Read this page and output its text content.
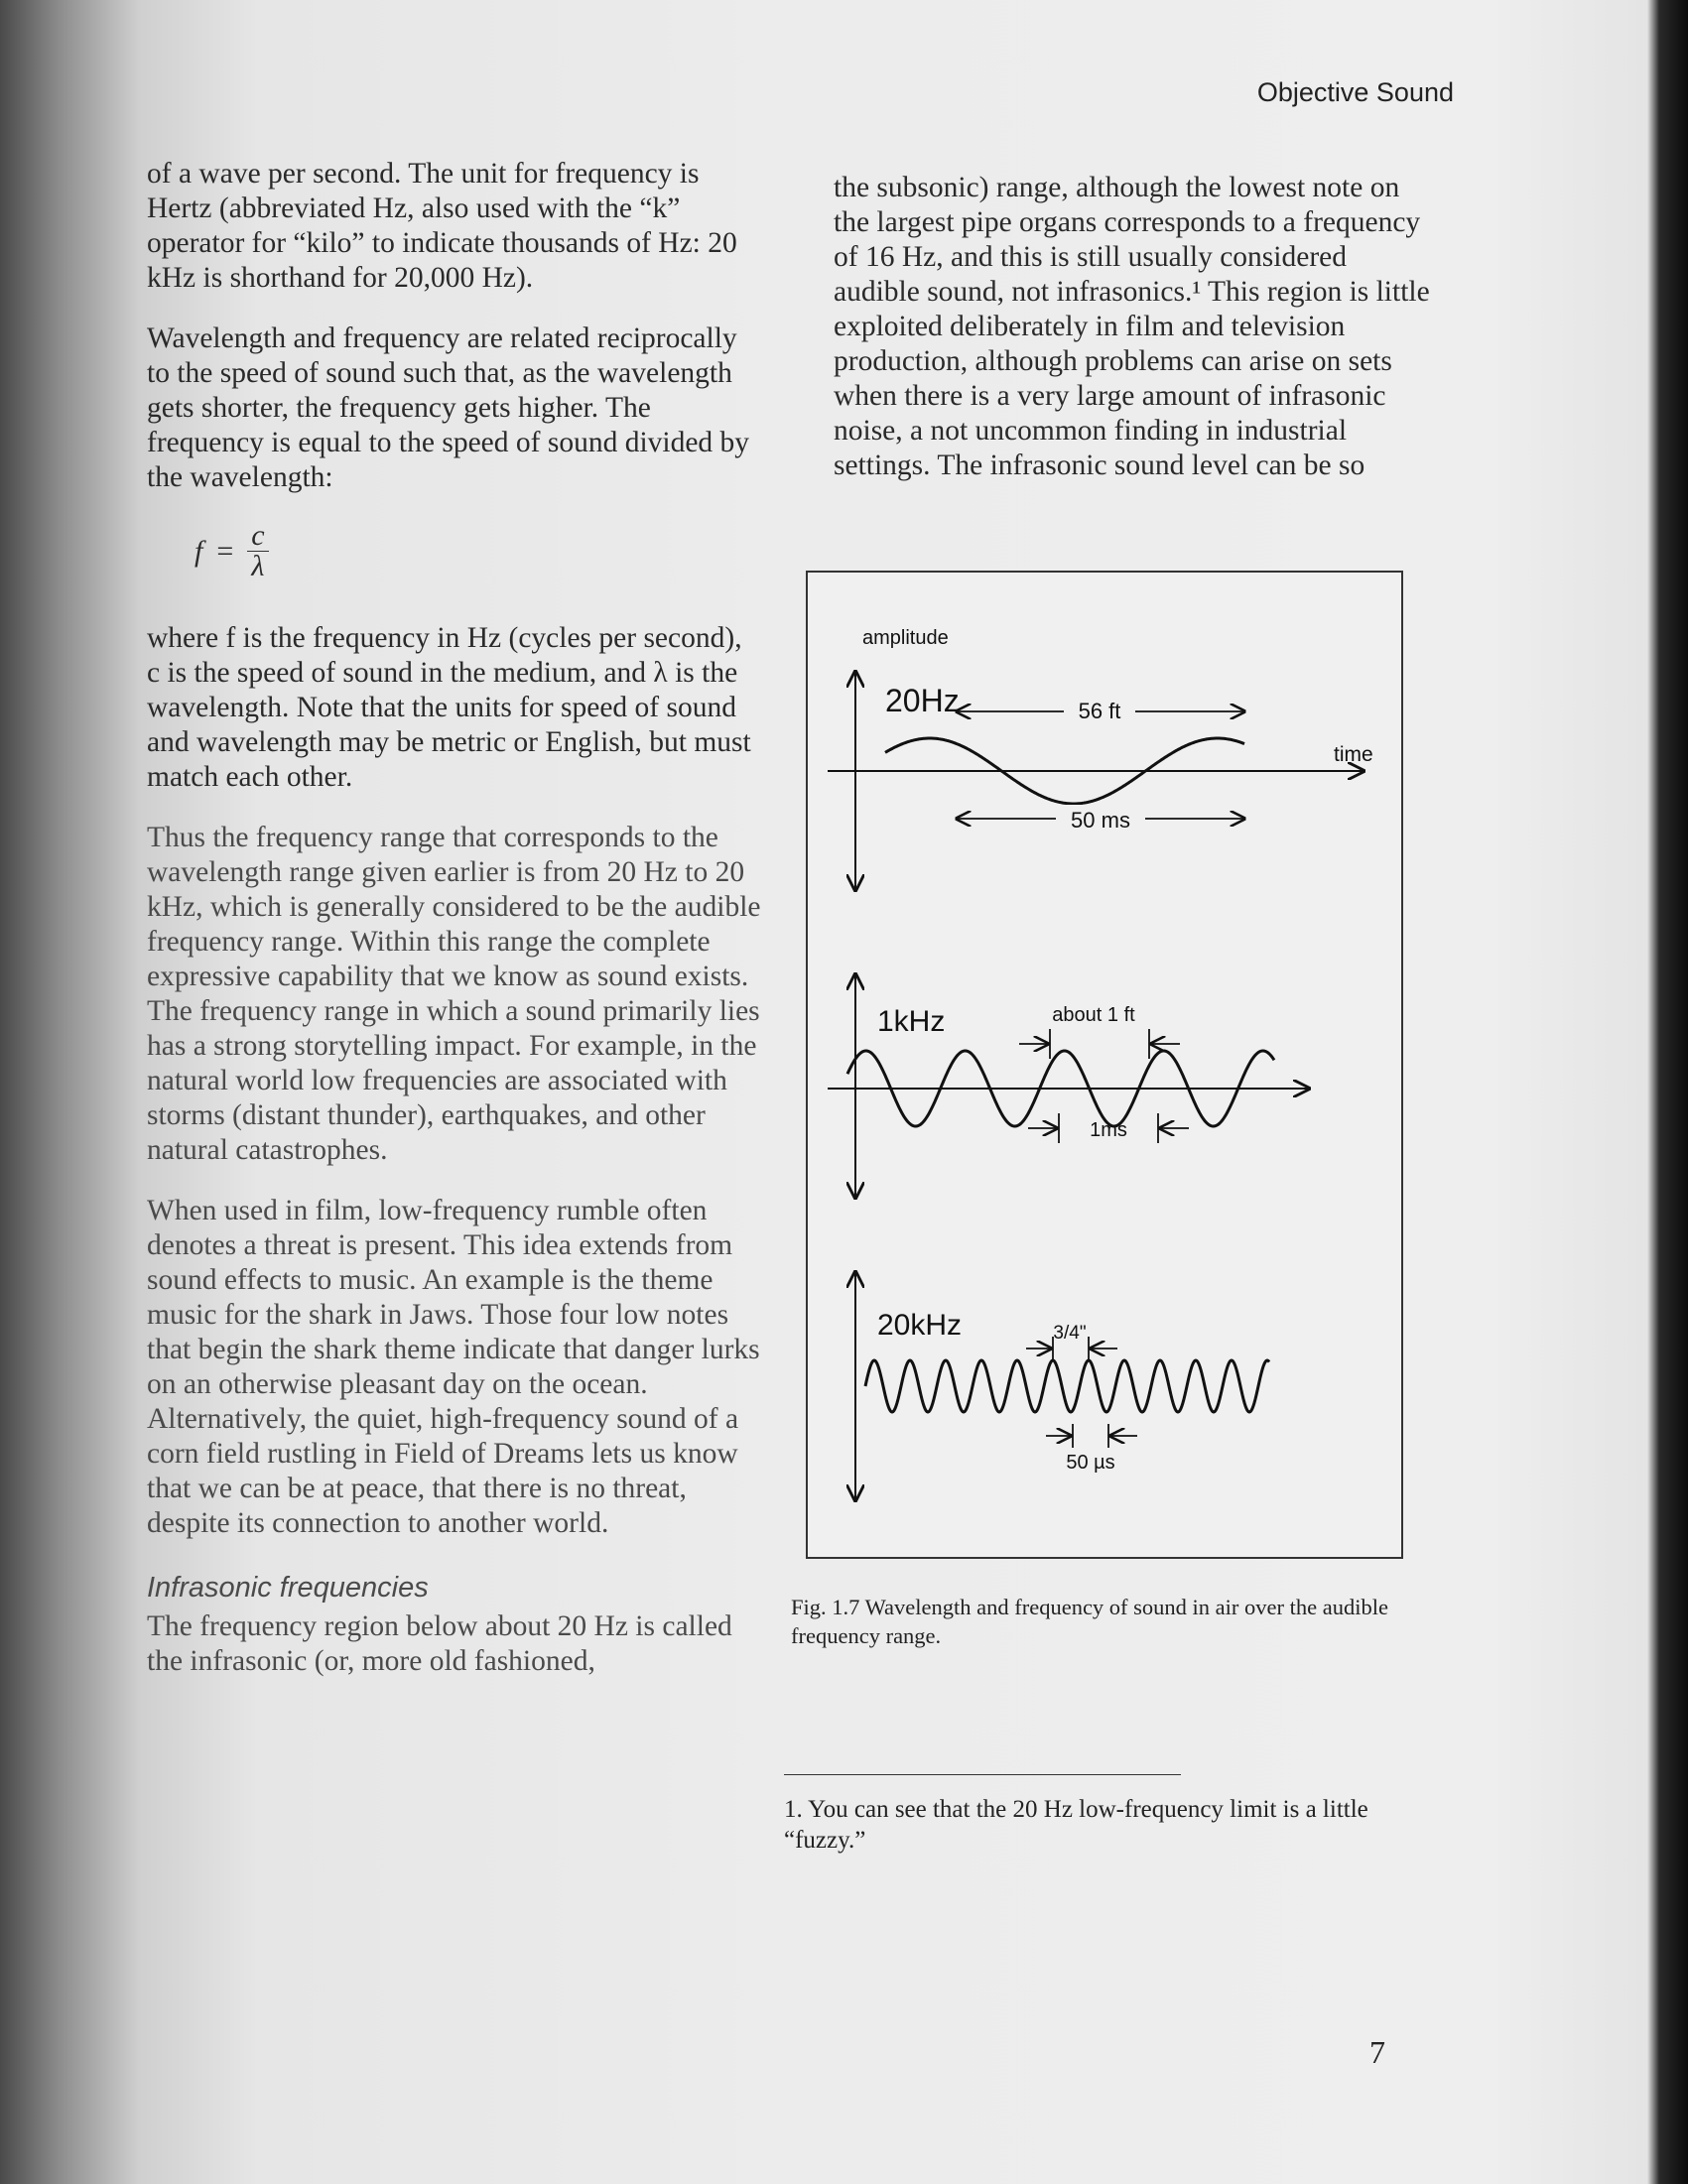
Objective Sound

of a wave per second. The unit for frequency is Hertz (abbreviated Hz, also used with the “k” operator for “kilo” to indicate thousands of Hz: 20 kHz is shorthand for 20,000 Hz).

Wavelength and frequency are related reciprocally to the speed of sound such that, as the wavelength gets shorter, the frequency gets higher. The frequency is equal to the speed of sound divided by the wavelength:

$f = \frac{c}{\lambda}$

where f is the frequency in Hz (cycles per second), c is the speed of sound in the medium, and λ is the wavelength. Note that the units for speed of sound and wavelength may be metric or English, but must match each other.

Thus the frequency range that corresponds to the wavelength range given earlier is from 20 Hz to 20 kHz, which is generally considered to be the audible frequency range. Within this range the complete expressive capability that we know as sound exists. The frequency range in which a sound primarily lies has a strong storytelling impact. For example, in the natural world low frequencies are associated with storms (distant thunder), earthquakes, and other natural catastrophes.

When used in film, low-frequency rumble often denotes a threat is present. This idea extends from sound effects to music. An example is the theme music for the shark in Jaws. Those four low notes that begin the shark theme indicate that danger lurks on an otherwise pleasant day on the ocean. Alternatively, the quiet, high-frequency sound of a corn field rustling in Field of Dreams lets us know that we can be at peace, that there is no threat, despite its connection to another world.

Infrasonic frequencies

The frequency region below about 20 Hz is called the infrasonic (or, more old fashioned,

the subsonic) range, although the lowest note on the largest pipe organs corresponds to a frequency of 16 Hz, and this is still usually considered audible sound, not infrasonics.¹ This region is little exploited deliberately in film and television production, although problems can arise on sets when there is a very large amount of infrasonic noise, a not uncommon finding in industrial settings. The infrasonic sound level can be so

amplitude
time
20Hz	56 ft
50 ms
1kHz	about 1 ft
1ms
20kHz	3/4"
50 µs
Fig. 1.7 Wavelength and frequency of sound in air over the audible frequency range.
1. You can see that the 20 Hz low-frequency limit is a little “fuzzy.”
7
